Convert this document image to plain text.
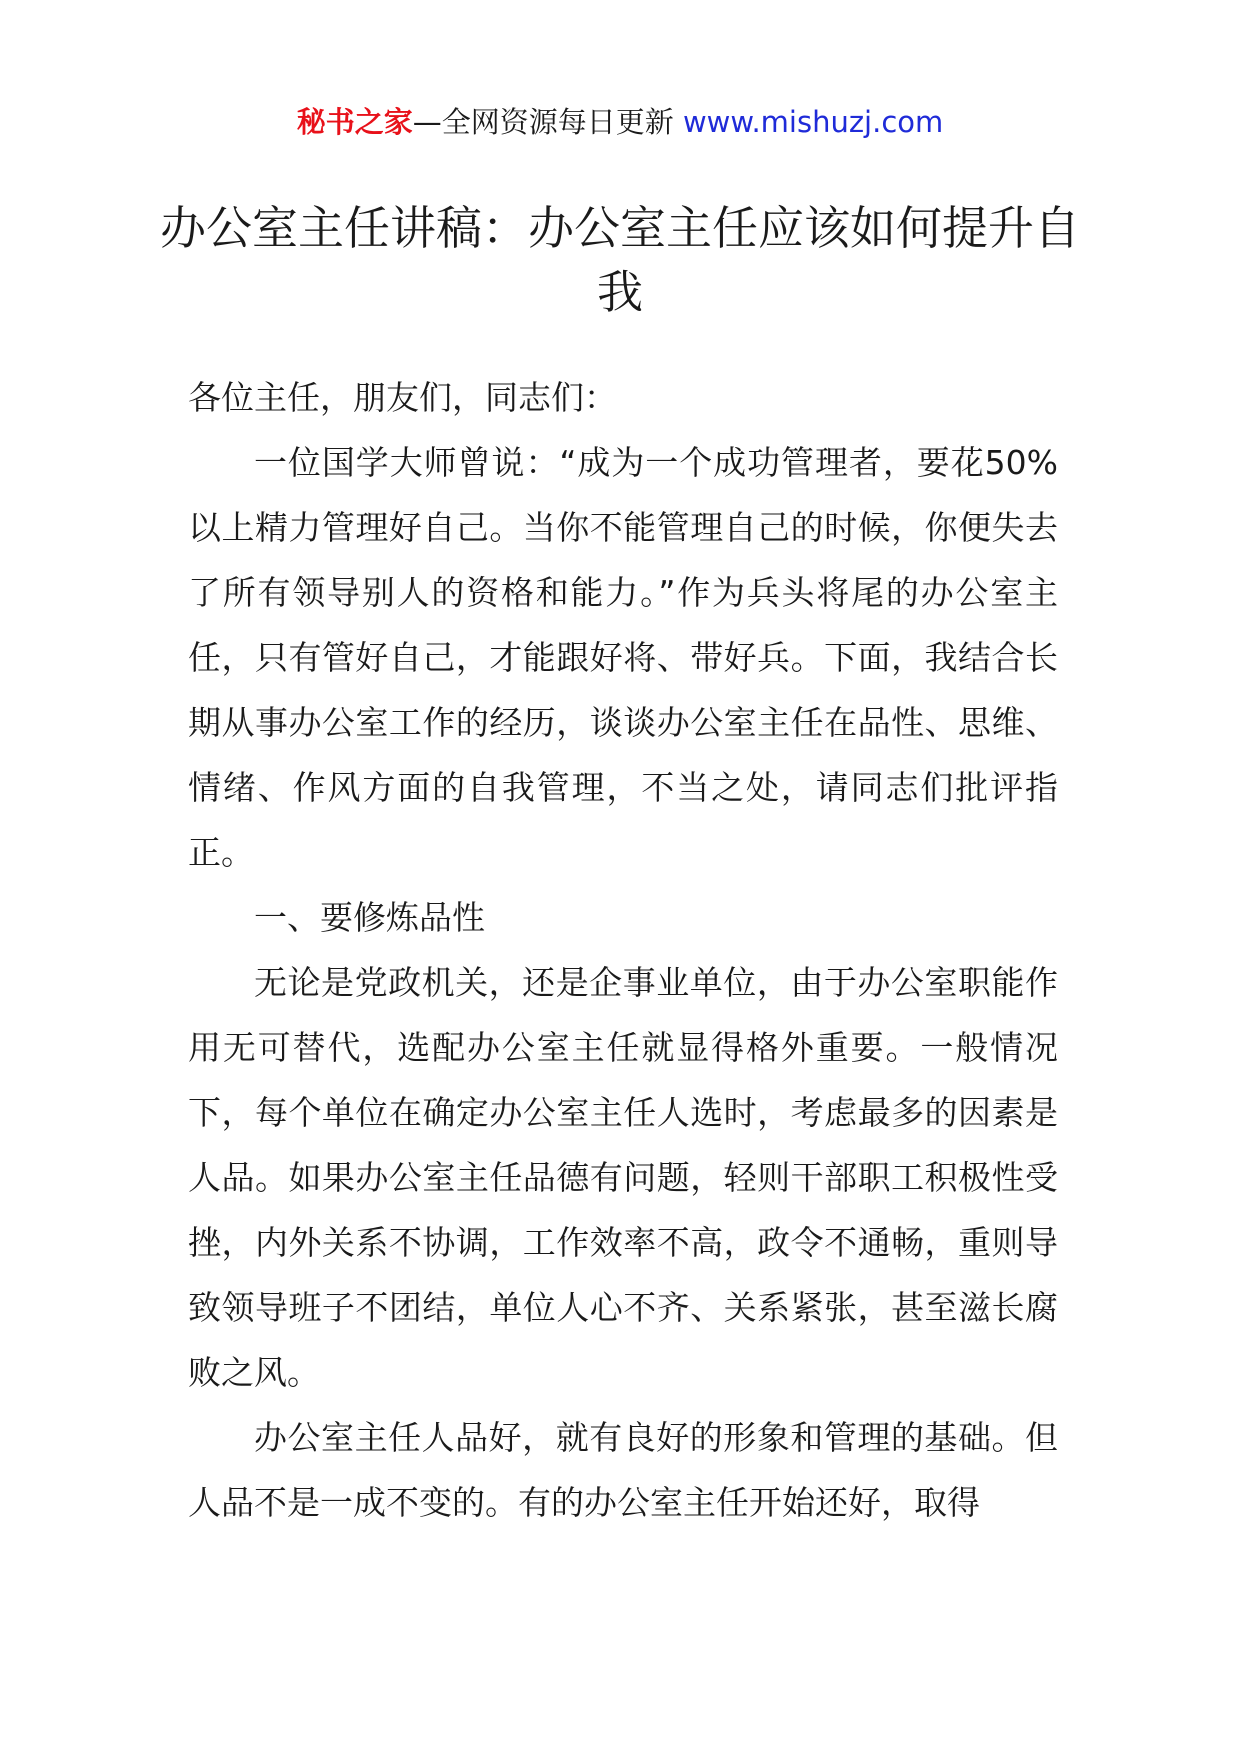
秘书之家—全网资源每日更新 www.mishuzj.com
办公室主任讲稿：办公室主任应该如何提升自我

各位主任，朋友们，同志们：

一位国学大师曾说：“成为一个成功管理者，要花50%以上精力管理好自己。当你不能管理自己的时候，你便失去了所有领导别人的资格和能力。”作为兵头将尾的办公室主任，只有管好自己，才能跟好将、带好兵。下面，我结合长期从事办公室工作的经历，谈谈办公室主任在品性、思维、情绪、作风方面的自我管理，不当之处，请同志们批评指正。

一、要修炼品性

无论是党政机关，还是企事业单位，由于办公室职能作用无可替代，选配办公室主任就显得格外重要。一般情况下，每个单位在确定办公室主任人选时，考虑最多的因素是人品。如果办公室主任品德有问题，轻则干部职工积极性受挫，内外关系不协调，工作效率不高，政令不通畅，重则导致领导班子不团结，单位人心不齐、关系紧张，甚至滋长腐败之风。

办公室主任人品好，就有良好的形象和管理的基础。但人品不是一成不变的。有的办公室主任开始还好，取得
